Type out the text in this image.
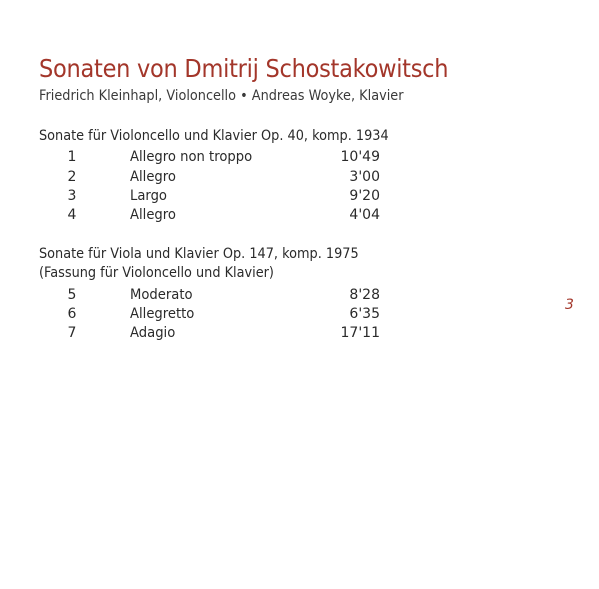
Sonaten von Dmitrij Schostakowitsch
Friedrich Kleinhapl, Violoncello • Andreas Woyke, Klavier
Sonate für Violoncello und Klavier Op. 40, komp. 1934
1	Allegro non troppo	10'49
2	Allegro	3'00
3	Largo	9'20
4	Allegro	4'04
Sonate für Viola und Klavier Op. 147, komp. 1975
(Fassung für Violoncello und Klavier)
5	Moderato	8'28
6	Allegretto	6'35
7	Adagio	17'11
3
